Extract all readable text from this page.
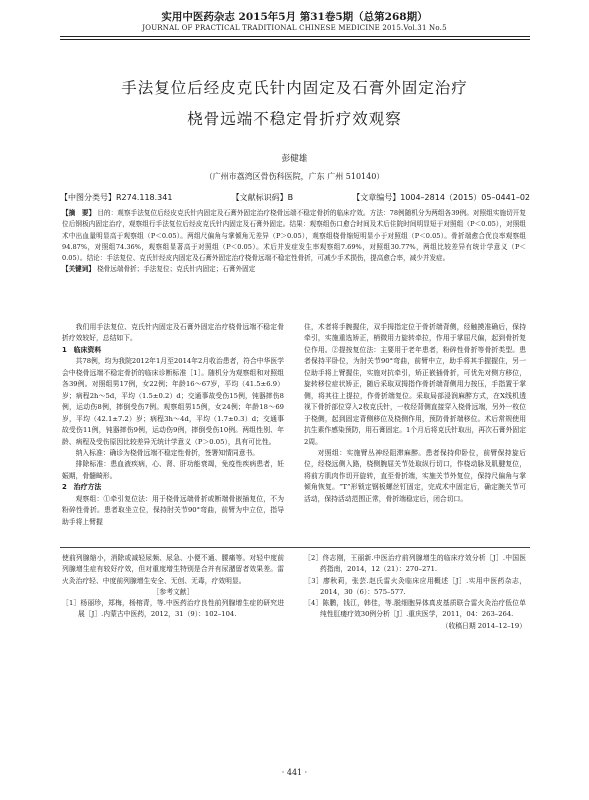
实用中医药杂志 2015年5月 第31卷5期（总第268期）
JOURNAL OF PRACTICAL TRADITIONAL CHINESE MEDICINE 2015.Vol.31 No.5
手法复位后经皮克氏针内固定及石膏外固定治疗
桡骨远端不稳定骨折疗效观察
彭健雄
（广州市荔湾区骨伤科医院，广东 广州 510140）
【中图分类号】R274.118.341	【文献标识码】B	【文章编号】1004–2814（2015）05–0441–02
【摘　要】 目的：观察手法复位后经皮克氏针内固定及石膏外固定治疗桡骨远端不稳定骨折的临床疗效。方法：78例随机分为两组各39例。对照组实施切开复位后钢板内固定治疗，观察组行手法复位后经皮克氏针内固定及石膏外固定。结果：观察组伤口愈合时间及术后住院时间明显短于对照组（P＜0.05），对照组术中出血量明显高于观察组（P＜0.05）。两组尺偏角与掌倾角无差异（P＞0.05），观察组桡骨缩短明显小于对照组（P＜0.05）。骨折端愈合优良率观察组94.87%，对照组74.36%，观察组显著高于对照组（P＜0.05）。术后并发症发生率观察组7.69%，对照组30.77%，两组比较差异有统计学意义（P＜0.05）。结论：手法复位、克氏针经皮内固定及石膏外固定治疗桡骨远端不稳定性骨折，可减少手术损伤，提高愈合率，减少并发症。
【关键词】 桡骨远端骨折；手法复位；克氏针内固定；石膏外固定

我们用手法复位、克氏针内固定及石膏外固定治疗桡骨远端不稳定骨折疗效较好，总结如下。

1　临床资料

共78例，均为我院2012年1月至2014年2月收治患者，符合中华医学会中桡骨远端不稳定骨折的临床诊断标准［1］。随机分为观察组和对照组各39例。对照组男17例，女22例；年龄16～67岁，平均（41.5±6.9）岁；病程2h～5d，平均（1.5±0.2）d；交通事故受伤15例，钝器摔伤8例，运动伤8例，摔倒受伤7例。观察组男15例，女24例；年龄18～69岁，平均（42.1±7.2）岁；病程3h～4d，平均（1.7±0.3）d；交通事故受伤11例，钝器摔伤9例，运动伤9例，摔倒受伤10例。两组性别、年龄、病程及受伤原因比较差异无统计学意义（P＞0.05），具有可比性。

纳入标准：确诊为桡骨远端不稳定性骨折，签署知情同意书。

排除标准：患血液疾病，心、肾、肝功能衰竭，免疫性疾病患者，妊娠期，骨髓畸形。

2　治疗方法

观察组：①牵引复位法：用于桡骨远端骨折或断端骨嵌插复位，不为粉碎性骨折。患者取坐立位，保持肘关节90°弯曲，前臂为中立位，指导助手将上臂握

住，术者将手腕握住，双手拇指定位于骨折端背侧，经触摸准确后，保持牵引，实施重选矫正，梢微用力旋转牵拉，作用于掌屈尺偏，起到骨折复位作用。②提按复位法：主要用于老年患者，粉碎性骨折等骨折类型。患者保持平卧位，为肘关节90°弯曲，前臂中立，助手将其手握握住，另一位助手将上臂握住，实施对抗牵引，矫正嵌插骨折，可优先对侧方移位，旋转移位症状矫正，随后采取双拇指作骨折端背侧用力按压，手指置于掌侧，将其往上提拉，作骨折端复位。采取局部浸润麻醉方式，在X线机透视下骨折部位穿入2枚克氏针，一枚经背侧直接穿入桡骨远端，另外一枚位于桡侧，起到固定背侧移位及桡侧作用，预防骨折端移位。术后常规使用抗生素作感染预防，用石膏固定。1个月后将克氏针取出，再次石膏外固定2周。

对照组：实施臂丛神经阻滞麻醉。患者保持仰卧位，前臂保持旋后位，经桡远侧入路，桡侧腕屈关节处取纵行切口，作桡动脉及肌腱复位，将前方肌肉作切开旋转，直至骨折端，实施关节外复位，保持尺偏角与掌倾角恢复。“T”形锁定钢板螺丝钉固定，完成术中固定后，确定腕关节可活动，保持活动范围正常，骨折端稳定后，闭合切口。

使前列腺缩小，消除或减轻尿频、尿急、小便不通、腰痛等。对轻中度前列腺增生症有较好疗效，但对重度增生特别是合并有尿潴留者效果差。雷火灸治疗轻、中度前列腺增生安全、无创、无毒，疗效明显。

［参考文献］

［1］杨丽珍，郑梅，杨榕青，等.中医药治疗良性前列腺增生症的研究进展［J］.内蒙古中医药，2012，31（9）：102–104.

［2］佟志刚，王丽新.中医治疗前列腺增生的临床疗效分析［J］.中国医药指南，2014，12（21）：270–271.

［3］廖秋莉，张芸.赵氏雷火灸临床应用概述［J］.实用中医药杂志，2014，30（6）：575–577.

［4］陈鹏，钱江，韩佳，等.脱细胞异体真皮基质联合雷火灸治疗低位单纯性肛瘘疗效30例分析［J］.重庆医学，2011，04：263–264.

（收稿日期 2014–12–19）

· 441 ·
